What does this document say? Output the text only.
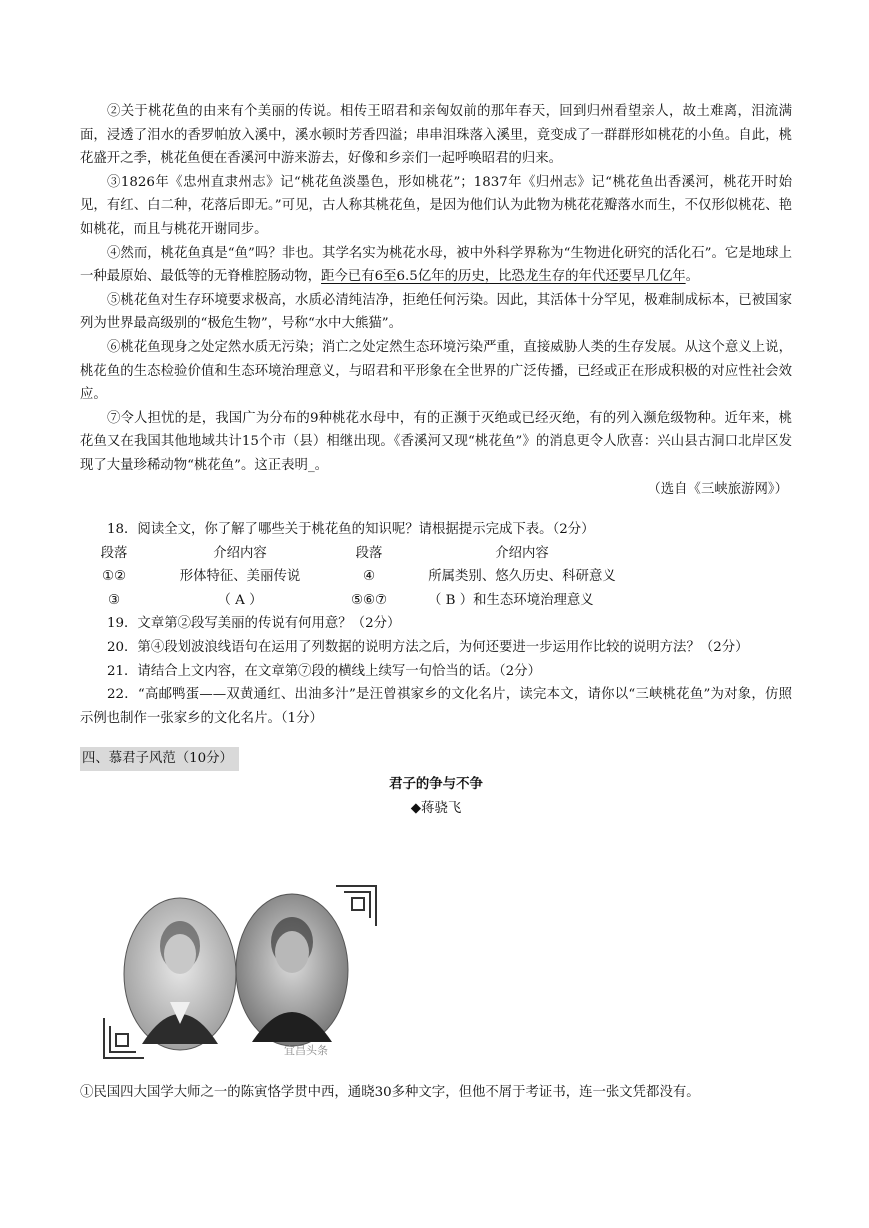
②关于桃花鱼的由来有个美丽的传说。相传王昭君和亲匈奴前的那年春天，回到归州看望亲人，故土难离，泪流满面，浸透了泪水的香罗帕放入溪中，溪水顿时芳香四溢；串串泪珠落入溪里，竟变成了一群群形如桃花的小鱼。自此，桃花盛开之季，桃花鱼便在香溪河中游来游去，好像和乡亲们一起呼唤昭君的归来。

③1826年《忠州直隶州志》记“桃花鱼淡墨色，形如桃花”；1837年《归州志》记“桃花鱼出香溪河，桃花开时始见，有红、白二种，花落后即无。”可见，古人称其桃花鱼，是因为他们认为此物为桃花花瓣落水而生，不仅形似桃花、艳如桃花，而且与桃花开谢同步。

④然而，桃花鱼真是“鱼”吗？非也。其学名实为桃花水母，被中外科学界称为“生物进化研究的活化石”。它是地球上一种最原始、最低等的无脊椎腔肠动物，距今已有6至6.5亿年的历史，比恐龙生存的年代还要早几亿年。

⑤桃花鱼对生存环境要求极高，水质必清纯洁净，拒绝任何污染。因此，其活体十分罕见，极难制成标本，已被国家列为世界最高级别的“极危生物”，号称“水中大熊猫”。

⑥桃花鱼现身之处定然水质无污染；消亡之处定然生态环境污染严重，直接威胁人类的生存发展。从这个意义上说，桃花鱼的生态检验价值和生态环境治理意义，与昭君和平形象在全世界的广泛传播，已经或正在形成积极的对应性社会效应。

⑦令人担忧的是，我国广为分布的9种桃花水母中，有的正濒于灭绝或已经灭绝，有的列入濒危级物种。近年来，桃花鱼又在我国其他地域共计15个市（县）相继出现。《香溪河又现“桃花鱼”》的消息更令人欣喜：兴山县古洞口北岸区发现了大量珍稀动物“桃花鱼”。这正表明_。

（选自《三峡旅游网》）

18．阅读全文，你了解了哪些关于桃花鱼的知识呢？请根据提示完成下表。（2分）

段落	介绍内容	段落	介绍内容
①②	形体特征、美丽传说	④	所属类别、悠久历史、科研意义
③	（ A ）	⑤⑥⑦	（ B ）和生态环境治理意义

19．文章第②段写美丽的传说有何用意？（2分）

20．第④段划波浪线语句在运用了列数据的说明方法之后，为何还要进一步运用作比较的说明方法？（2分）

21．请结合上文内容，在文章第⑦段的横线上续写一句恰当的话。（2分）

22．“高邮鸭蛋——双黄通红、出油多汁”是汪曾祺家乡的文化名片，读完本文，请你以“三峡桃花鱼”为对象，仿照示例也制作一张家乡的文化名片。（1分）

四、慕君子风范（10分）
君子的争与不争
◆蒋骁飞
宜昌头条

①民国四大国学大师之一的陈寅恪学贯中西，通晓30多种文字，但他不屑于考证书，连一张文凭都没有。
